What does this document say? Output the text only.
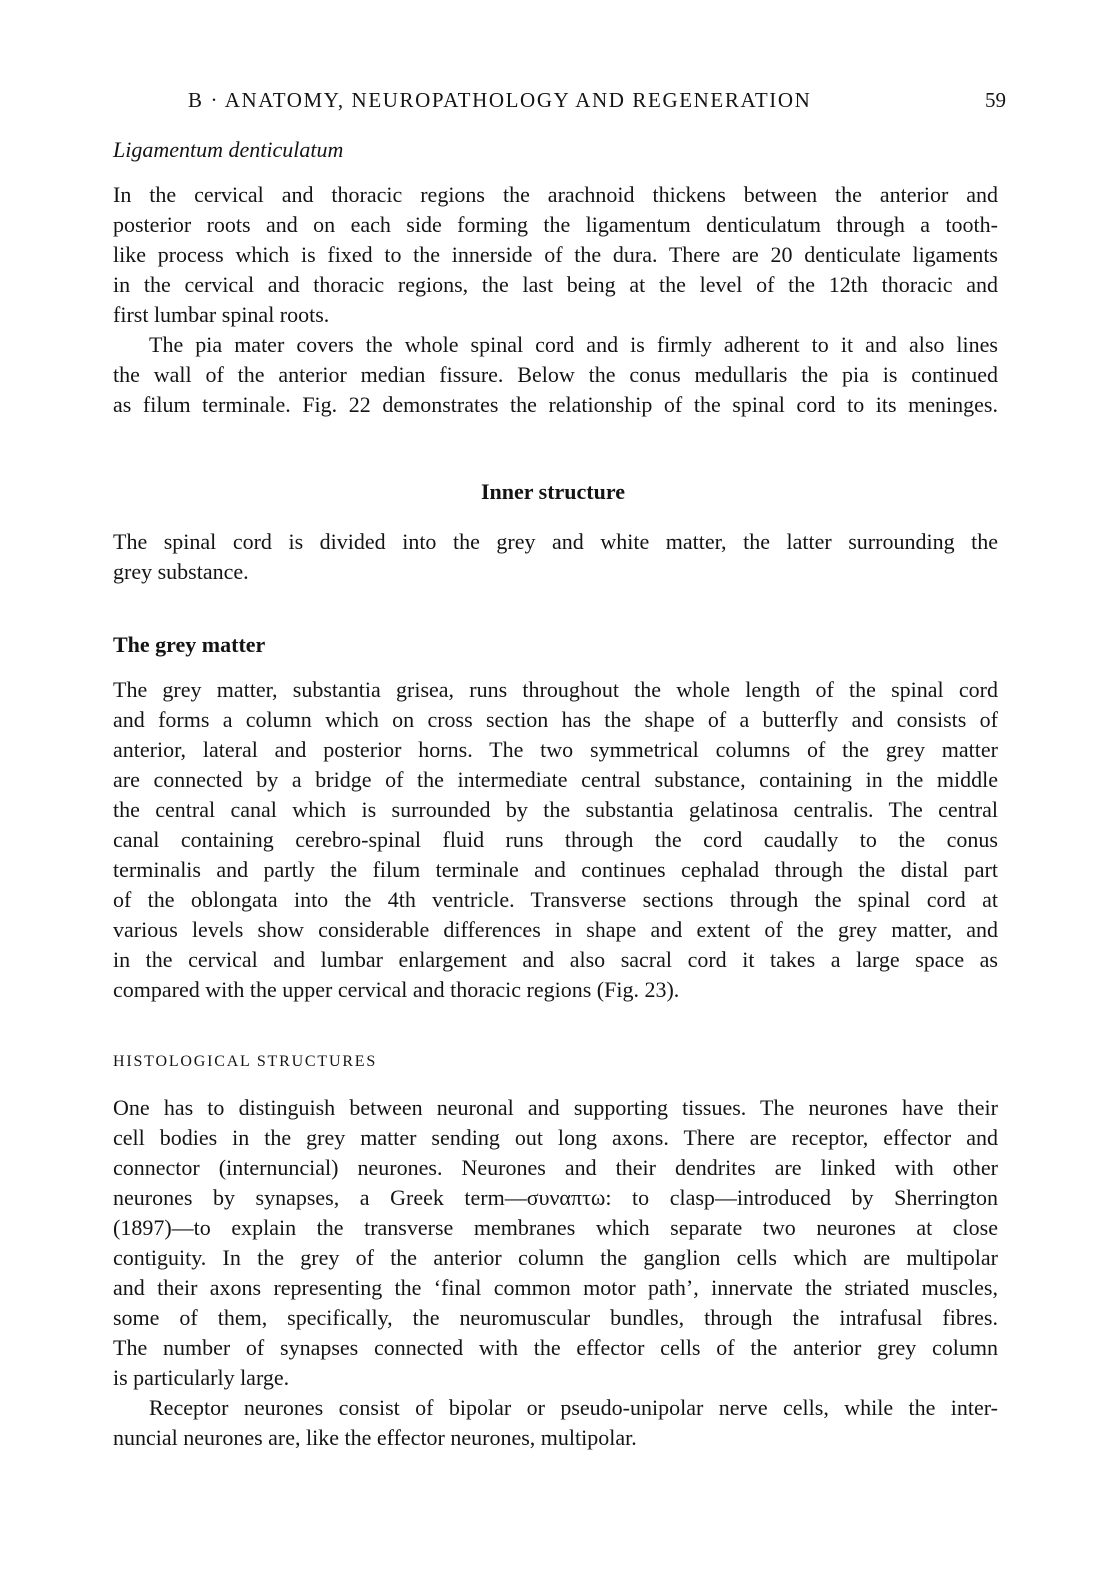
B · ANATOMY, NEUROPATHOLOGY AND REGENERATION	59
Ligamentum denticulatum
In the cervical and thoracic regions the arachnoid thickens between the anterior and
posterior roots and on each side forming the ligamentum denticulatum through a tooth-
like process which is fixed to the innerside of the dura. There are 20 denticulate ligaments
in the cervical and thoracic regions, the last being at the level of the 12th thoracic and
first lumbar spinal roots.
The pia mater covers the whole spinal cord and is firmly adherent to it and also lines
the wall of the anterior median fissure. Below the conus medullaris the pia is continued
as filum terminale. Fig. 22 demonstrates the relationship of the spinal cord to its meninges.
Inner structure
The spinal cord is divided into the grey and white matter, the latter surrounding the
grey substance.
The grey matter
The grey matter, substantia grisea, runs throughout the whole length of the spinal cord
and forms a column which on cross section has the shape of a butterfly and consists of
anterior, lateral and posterior horns. The two symmetrical columns of the grey matter
are connected by a bridge of the intermediate central substance, containing in the middle
the central canal which is surrounded by the substantia gelatinosa centralis. The central
canal containing cerebro-spinal fluid runs through the cord caudally to the conus
terminalis and partly the filum terminale and continues cephalad through the distal part
of the oblongata into the 4th ventricle. Transverse sections through the spinal cord at
various levels show considerable differences in shape and extent of the grey matter, and
in the cervical and lumbar enlargement and also sacral cord it takes a large space as
compared with the upper cervical and thoracic regions (Fig. 23).
HISTOLOGICAL STRUCTURES
One has to distinguish between neuronal and supporting tissues. The neurones have their
cell bodies in the grey matter sending out long axons. There are receptor, effector and
connector (internuncial) neurones. Neurones and their dendrites are linked with other
neurones by synapses, a Greek term—συναπτω: to clasp—introduced by Sherrington
(1897)—to explain the transverse membranes which separate two neurones at close
contiguity. In the grey of the anterior column the ganglion cells which are multipolar
and their axons representing the ‘final common motor path’, innervate the striated muscles,
some of them, specifically, the neuromuscular bundles, through the intrafusal fibres.
The number of synapses connected with the effector cells of the anterior grey column
is particularly large.
Receptor neurones consist of bipolar or pseudo-unipolar nerve cells, while the inter-
nuncial neurones are, like the effector neurones, multipolar.
